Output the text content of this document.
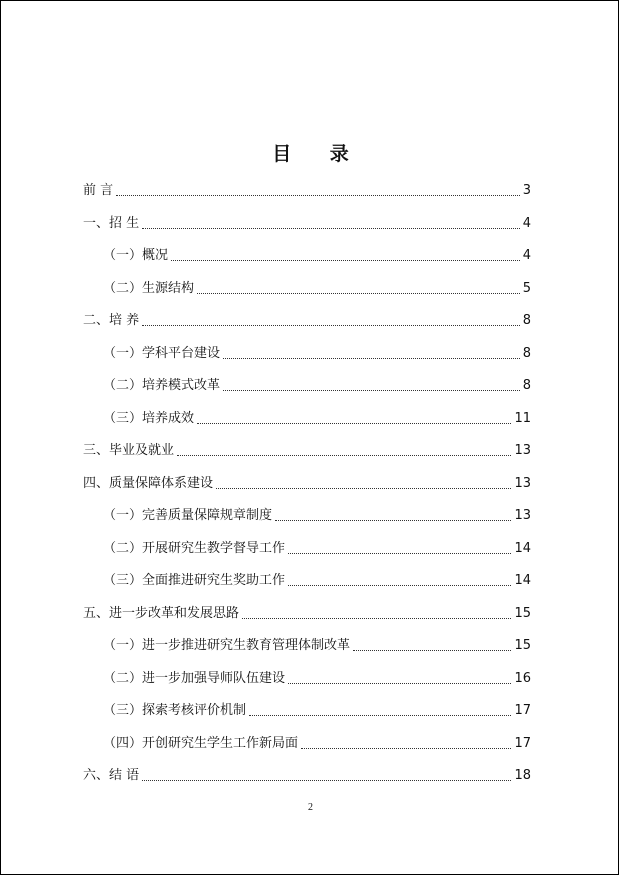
目 录
前 言	3
一、招 生	4
（一）概况	4
（二）生源结构	5
二、培 养	8
（一）学科平台建设	8
（二）培养模式改革	8
（三）培养成效	11
三、毕业及就业	13
四、质量保障体系建设	13
（一）完善质量保障规章制度	13
（二）开展研究生教学督导工作	14
（三）全面推进研究生奖助工作	14
五、进一步改革和发展思路	15
（一）进一步推进研究生教育管理体制改革	15
（二）进一步加强导师队伍建设	16
（三）探索考核评价机制	17
（四）开创研究生学生工作新局面	17
六、结 语	18
2
